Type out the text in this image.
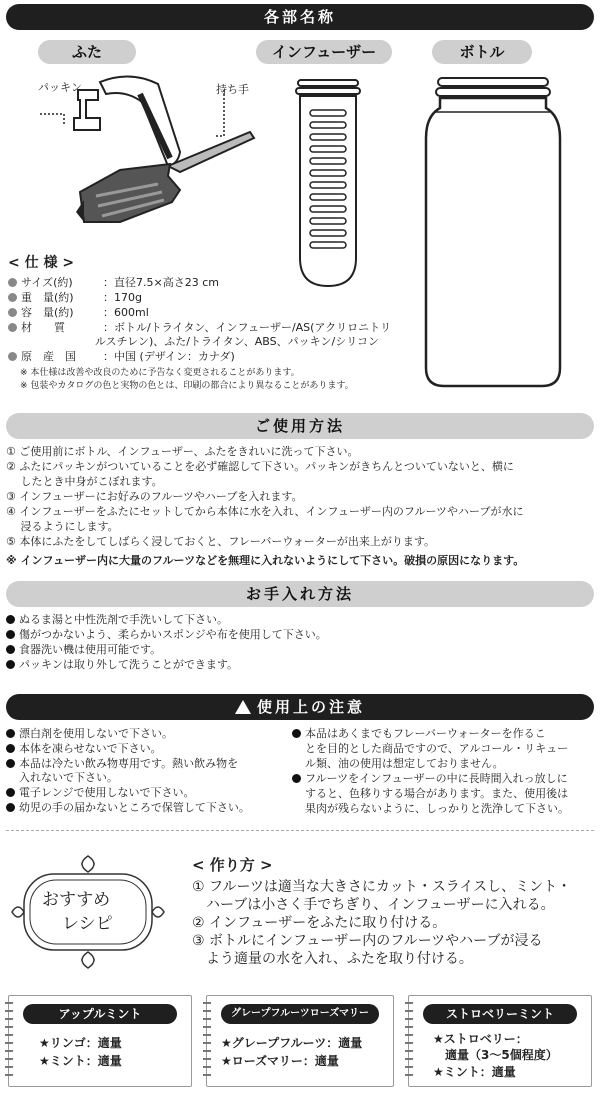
各部名称
ふた	インフューザー	ボトル
パッキン	持ち手
< 仕 様 >
サイズ(約)	：直径7.5×高さ23 cm
重　量(約)	：170g
容　量(約)	：600ml
材　　質	：ボトル/トライタン、インフューザー/AS(アクリロニトリ
ルスチレン)、ふた/トライタン、ABS、パッキン/シリコン
原　産　国 ：中国 (デザイン：カナダ)
※ 本仕様は改善や改良のために予告なく変更されることがあります。
※ 包装やカタログの色と実物の色とは、印刷の都合により異なることがあります。
ご使用方法
① ご使用前にボトル、インフューザー、ふたをきれいに洗って下さい。
② ふたにパッキンがついていることを必ず確認して下さい。パッキンがきちんとついていないと、横に
　 したとき中身がこぼれます。
③ インフューザーにお好みのフルーツやハーブを入れます。
④ インフューザーをふたにセットしてから本体に水を入れ、インフューザー内のフルーツやハーブが水に
　 浸るようにします。
⑤ 本体にふたをしてしばらく浸しておくと、フレーバーウォーターが出来上がります。
※ インフューザー内に大量のフルーツなどを無理に入れないようにして下さい。破損の原因になります。
お手入れ方法
ぬるま湯と中性洗剤で手洗いして下さい。
傷がつかないよう、柔らかいスポンジや布を使用して下さい。
食器洗い機は使用可能です。
パッキンは取り外して洗うことができます。
使用上の注意
漂白剤を使用しないで下さい。
本体を凍らせないで下さい。
本品は冷たい飲み物専用です。熱い飲み物を
入れないで下さい。
電子レンジで使用しないで下さい。
幼児の手の届かないところで保管して下さい。
本品はあくまでもフレーバーウォーターを作るこ
とを目的とした商品ですので、アルコール・リキュー
ル類、油の使用は想定しておりません。
フルーツをインフューザーの中に長時間入れっ放しに
すると、色移りする場合があります。また、使用後は
果肉が残らないように、しっかりと洗浄して下さい。
おすすめ
レシピ
< 作り方 >
① フルーツは適当な大きさにカット・スライスし、ミント・
　ハーブは小さく手でちぎり、インフューザーに入れる。
② インフューザーをふたに取り付ける。
③ ボトルにインフューザー内のフルーツやハーブが浸る
　よう適量の水を入れ、ふたを取り付ける。
アップルミント
★リンゴ：適量
★ミント：適量
グレープフルーツローズマリー
★グレープフルーツ：適量
★ローズマリー：適量
ストロベリーミント
★ストロベリー：
　適量（3～5個程度）
★ミント：適量
